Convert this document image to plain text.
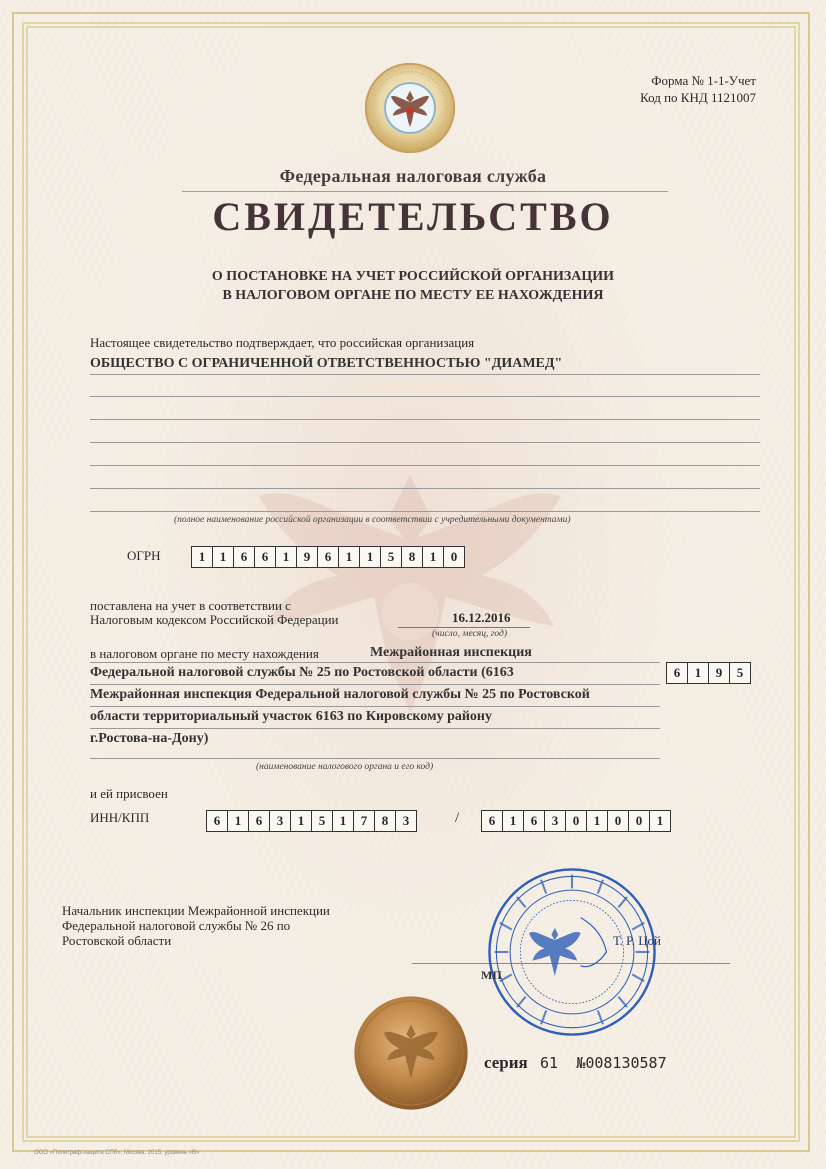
Форма № 1-1-Учет
Код по КНД 1121007
Федеральная налоговая служба
СВИДЕТЕЛЬСТВО
О ПОСТАНОВКЕ НА УЧЕТ РОССИЙСКОЙ ОРГАНИЗАЦИИ
В НАЛОГОВОМ ОРГАНЕ ПО МЕСТУ ЕЕ НАХОЖДЕНИЯ
Настоящее свидетельство подтверждает, что российская организация
ОБЩЕСТВО С ОГРАНИЧЕННОЙ ОТВЕТСТВЕННОСТЬЮ "ДИАМЕД"
(полное наименование российской организации в соответствии с учредительными документами)
ОГРН	1	1	6	6	1	9	6	1	1	5	8	1	0
поставлена на учет в соответствии с
Налоговым кодексом Российской Федерации	16.12.2016
(число, месяц, год)
в налоговом органе по месту нахождения	Межрайонная инспекция
Федеральной налоговой службы № 25 по Ростовской области (6163
Межрайонная инспекция Федеральной налоговой службы № 25 по Ростовской
области территориальный участок 6163 по Кировскому району
г.Ростова-на-Дону)
(наименование налогового органа и его код)
6	1	9	5
и ей присвоен
ИНН/КПП	6	1	6	3	1	5	1	7	8	3	/	6	1	6	3	0	1	0	0	1
Начальник инспекции Межрайонной инспекции
Федеральной налоговой службы № 26 по
Ростовской области	Т. Р. Цой
МП
серия 61 №008130587
ООО «Полиграф-защита СПб», Москва, 2015, уровень «В»
